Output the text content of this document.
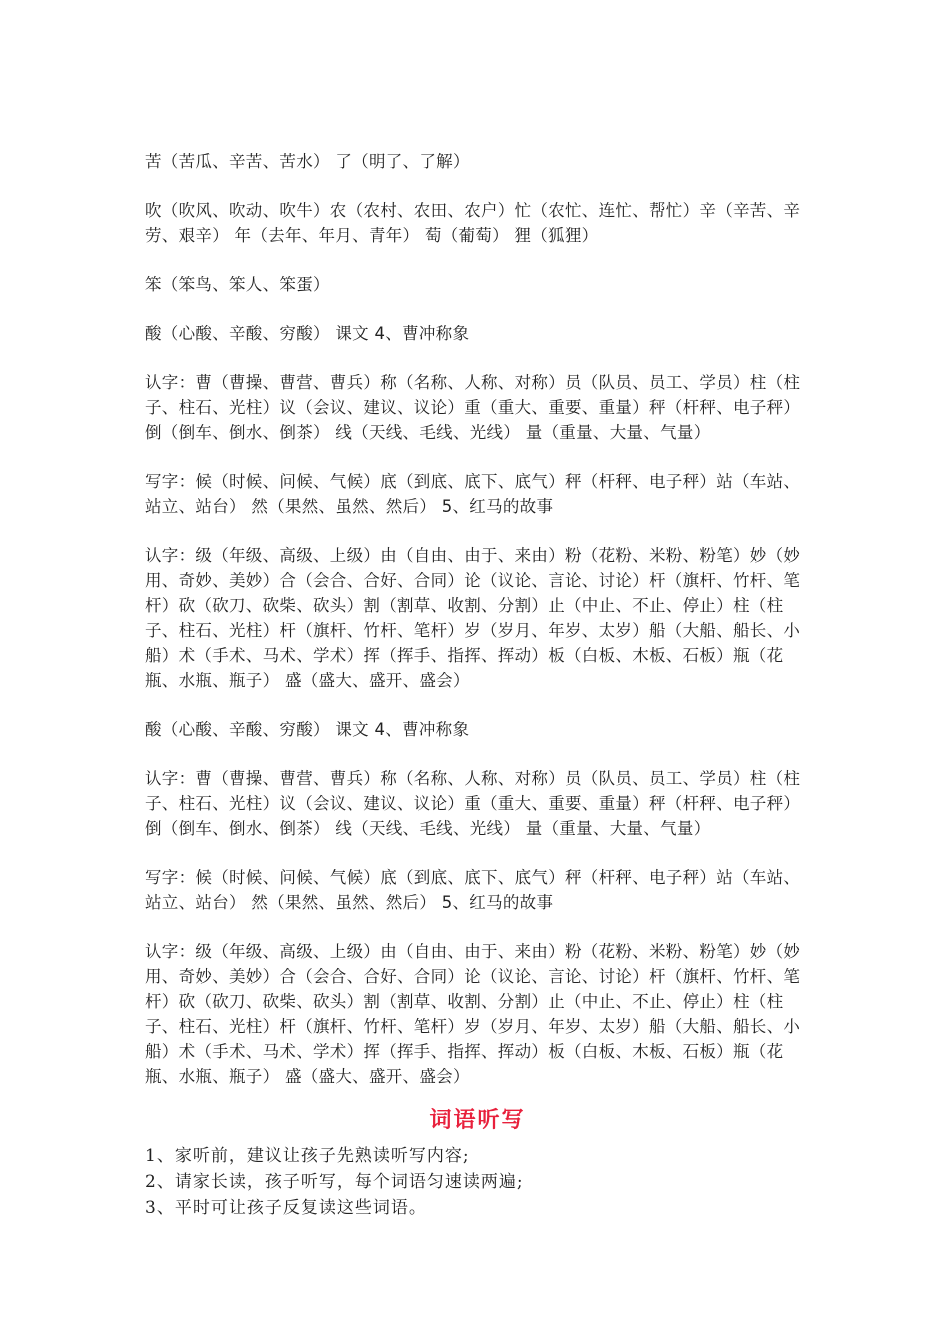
苦（苦瓜、辛苦、苦水） 了（明了、了解）

吹（吹风、吹动、吹牛）农（农村、农田、农户）忙（农忙、连忙、帮忙）辛（辛苦、辛劳、艰辛） 年（去年、年月、青年） 萄（葡萄） 狸（狐狸）

笨（笨鸟、笨人、笨蛋）

酸（心酸、辛酸、穷酸） 课文 4、曹冲称象

认字：曹（曹操、曹营、曹兵）称（名称、人称、对称）员（队员、员工、学员）柱（柱子、柱石、光柱）议（会议、建议、议论）重（重大、重要、重量）秤（杆秤、电子秤）倒（倒车、倒水、倒茶） 线（天线、毛线、光线） 量（重量、大量、气量）

写字：候（时候、问候、气候）底（到底、底下、底气）秤（杆秤、电子秤）站（车站、站立、站台） 然（果然、虽然、然后） 5、红马的故事

认字：级（年级、高级、上级）由（自由、由于、来由）粉（花粉、米粉、粉笔）妙（妙用、奇妙、美妙）合（会合、合好、合同）论（议论、言论、讨论）杆（旗杆、竹杆、笔杆）砍（砍刀、砍柴、砍头）割（割草、收割、分割）止（中止、不止、停止）柱（柱子、柱石、光柱）杆（旗杆、竹杆、笔杆）岁（岁月、年岁、太岁）船（大船、船长、小船）术（手术、马术、学术）挥（挥手、指挥、挥动）板（白板、木板、石板）瓶（花瓶、水瓶、瓶子） 盛（盛大、盛开、盛会）

酸（心酸、辛酸、穷酸） 课文 4、曹冲称象

认字：曹（曹操、曹营、曹兵）称（名称、人称、对称）员（队员、员工、学员）柱（柱子、柱石、光柱）议（会议、建议、议论）重（重大、重要、重量）秤（杆秤、电子秤）倒（倒车、倒水、倒茶） 线（天线、毛线、光线） 量（重量、大量、气量）

写字：候（时候、问候、气候）底（到底、底下、底气）秤（杆秤、电子秤）站（车站、站立、站台） 然（果然、虽然、然后） 5、红马的故事

认字：级（年级、高级、上级）由（自由、由于、来由）粉（花粉、米粉、粉笔）妙（妙用、奇妙、美妙）合（会合、合好、合同）论（议论、言论、讨论）杆（旗杆、竹杆、笔杆）砍（砍刀、砍柴、砍头）割（割草、收割、分割）止（中止、不止、停止）柱（柱子、柱石、光柱）杆（旗杆、竹杆、笔杆）岁（岁月、年岁、太岁）船（大船、船长、小船）术（手术、马术、学术）挥（挥手、指挥、挥动）板（白板、木板、石板）瓶（花瓶、水瓶、瓶子） 盛（盛大、盛开、盛会）

词语听写

1、家听前，建议让孩子先熟读听写内容;

2、请家长读，孩子听写，每个词语匀速读两遍;

3、平时可让孩子反复读这些词语。
